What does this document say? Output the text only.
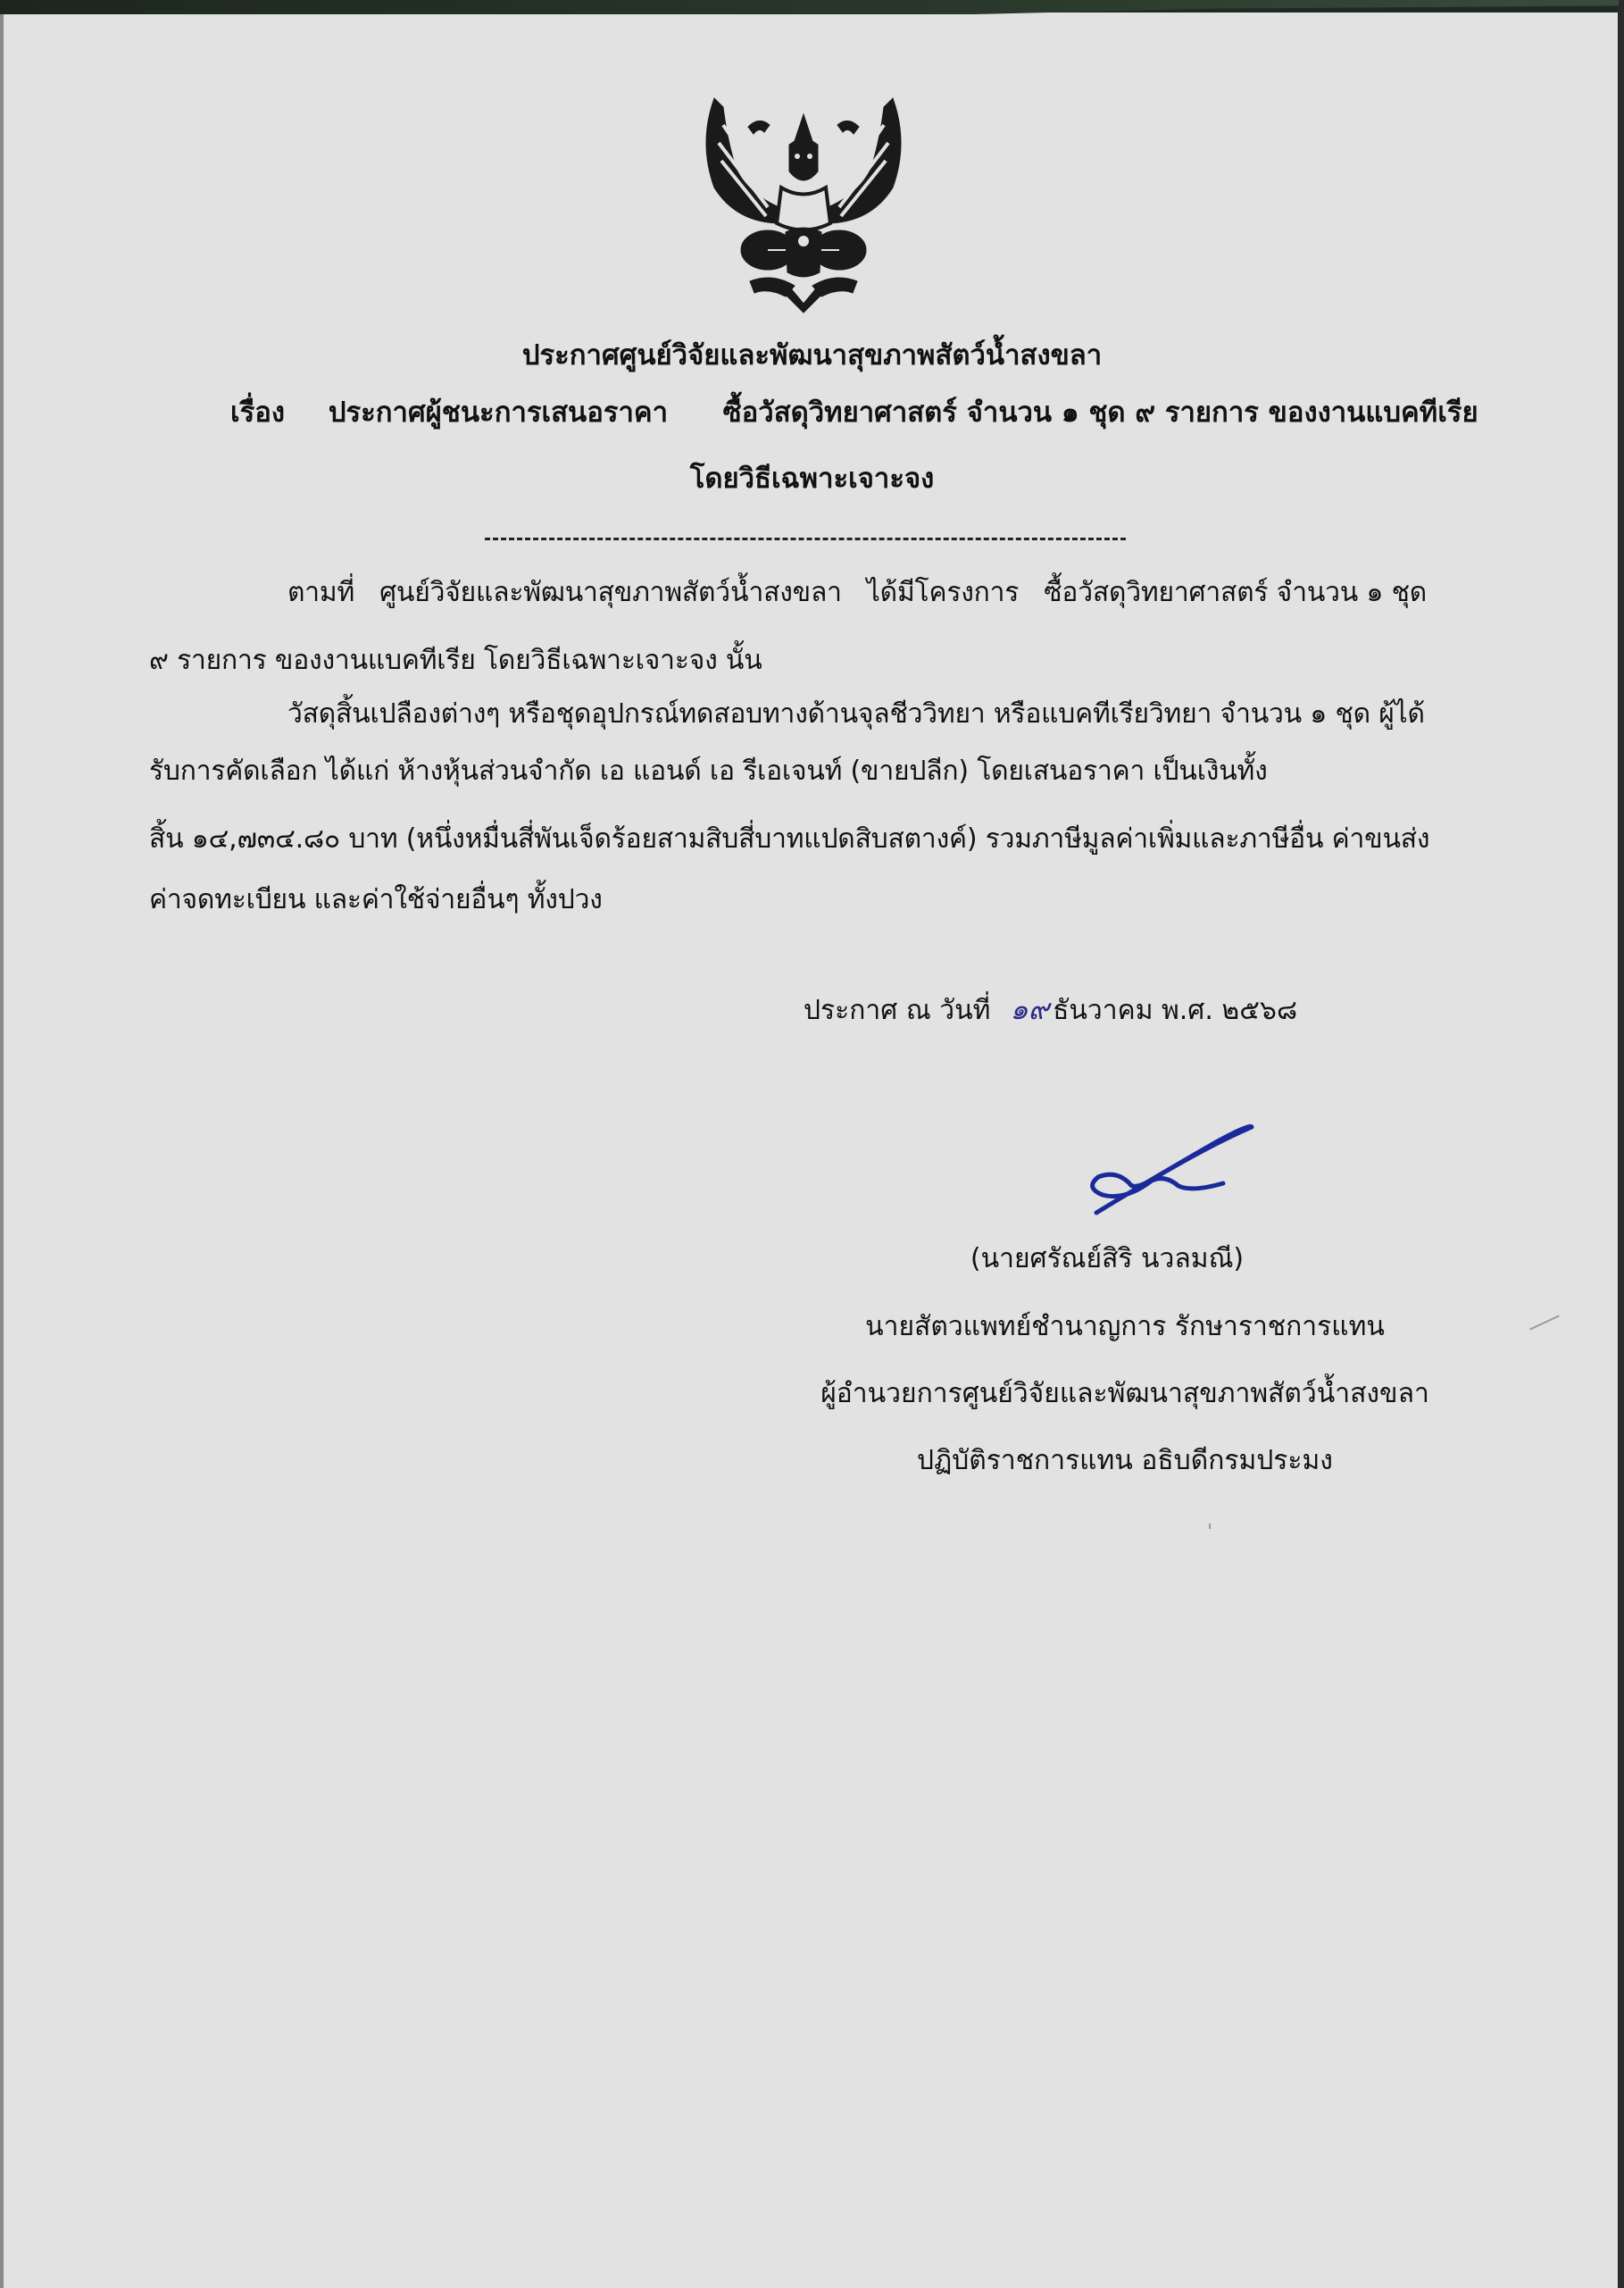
ประกาศศูนย์วิจัยและพัฒนาสุขภาพสัตว์น้ำสงขลา
เรื่อง ประกาศผู้ชนะการเสนอราคา ซื้อวัสดุวิทยาศาสตร์ จำนวน ๑ ชุด ๙ รายการ ของงานแบคทีเรีย
โดยวิธีเฉพาะเจาะจง
ตามที่ ศูนย์วิจัยและพัฒนาสุขภาพสัตว์น้ำสงขลา ได้มีโครงการ ซื้อวัสดุวิทยาศาสตร์ จำนวน ๑ ชุด
๙ รายการ ของงานแบคทีเรีย โดยวิธีเฉพาะเจาะจง นั้น
วัสดุสิ้นเปลืองต่างๆ หรือชุดอุปกรณ์ทดสอบทางด้านจุลชีววิทยา หรือแบคทีเรียวิทยา จำนวน ๑ ชุด ผู้ได้
รับการคัดเลือก ได้แก่ ห้างหุ้นส่วนจำกัด เอ แอนด์ เอ รีเอเจนท์ (ขายปลีก) โดยเสนอราคา เป็นเงินทั้ง
สิ้น ๑๔,๗๓๔.๘๐ บาท (หนึ่งหมื่นสี่พันเจ็ดร้อยสามสิบสี่บาทแปดสิบสตางค์) รวมภาษีมูลค่าเพิ่มและภาษีอื่น ค่าขนส่ง
ค่าจดทะเบียน และค่าใช้จ่ายอื่นๆ ทั้งปวง
ประกาศ ณ วันที่ ๑๙ ธันวาคม พ.ศ. ๒๕๖๘
(นายศรัณย์สิริ นวลมณี)
นายสัตวแพทย์ชำนาญการ รักษาราชการแทน
ผู้อำนวยการศูนย์วิจัยและพัฒนาสุขภาพสัตว์น้ำสงขลา
ปฏิบัติราชการแทน อธิบดีกรมประมง
